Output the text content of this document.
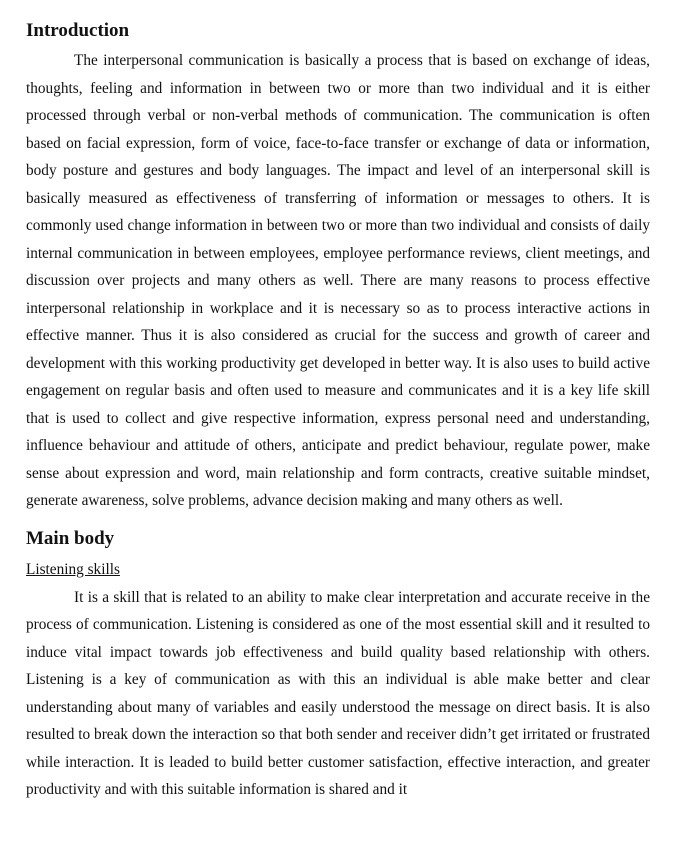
Introduction

The interpersonal communication is basically a process that is based on exchange of ideas, thoughts, feeling and information in between two or more than two individual and it is either processed through verbal or non-verbal methods of communication. The communication is often based on facial expression, form of voice, face-to-face transfer or exchange of data or information, body posture and gestures and body languages. The impact and level of an interpersonal skill is basically measured as effectiveness of transferring of information or messages to others. It is commonly used change information in between two or more than two individual and consists of daily internal communication in between employees, employee performance reviews, client meetings, and discussion over projects and many others as well. There are many reasons to process effective interpersonal relationship in workplace and it is necessary so as to process interactive actions in effective manner. Thus it is also considered as crucial for the success and growth of career and development with this working productivity get developed in better way. It is also uses to build active engagement on regular basis and often used to measure and communicates and it is a key life skill that is used to collect and give respective information, express personal need and understanding, influence behaviour and attitude of others, anticipate and predict behaviour, regulate power, make sense about expression and word, main relationship and form contracts, creative suitable mindset, generate awareness, solve problems, advance decision making and many others as well.

Main body
Listening skills

It is a skill that is related to an ability to make clear interpretation and accurate receive in the process of communication. Listening is considered as one of the most essential skill and it resulted to induce vital impact towards job effectiveness and build quality based relationship with others. Listening is a key of communication as with this an individual is able make better and clear understanding about many of variables and easily understood the message on direct basis. It is also resulted to break down the interaction so that both sender and receiver didn’t get irritated or frustrated while interaction. It is leaded to build better customer satisfaction, effective interaction, and greater productivity and with this suitable information is shared and it
